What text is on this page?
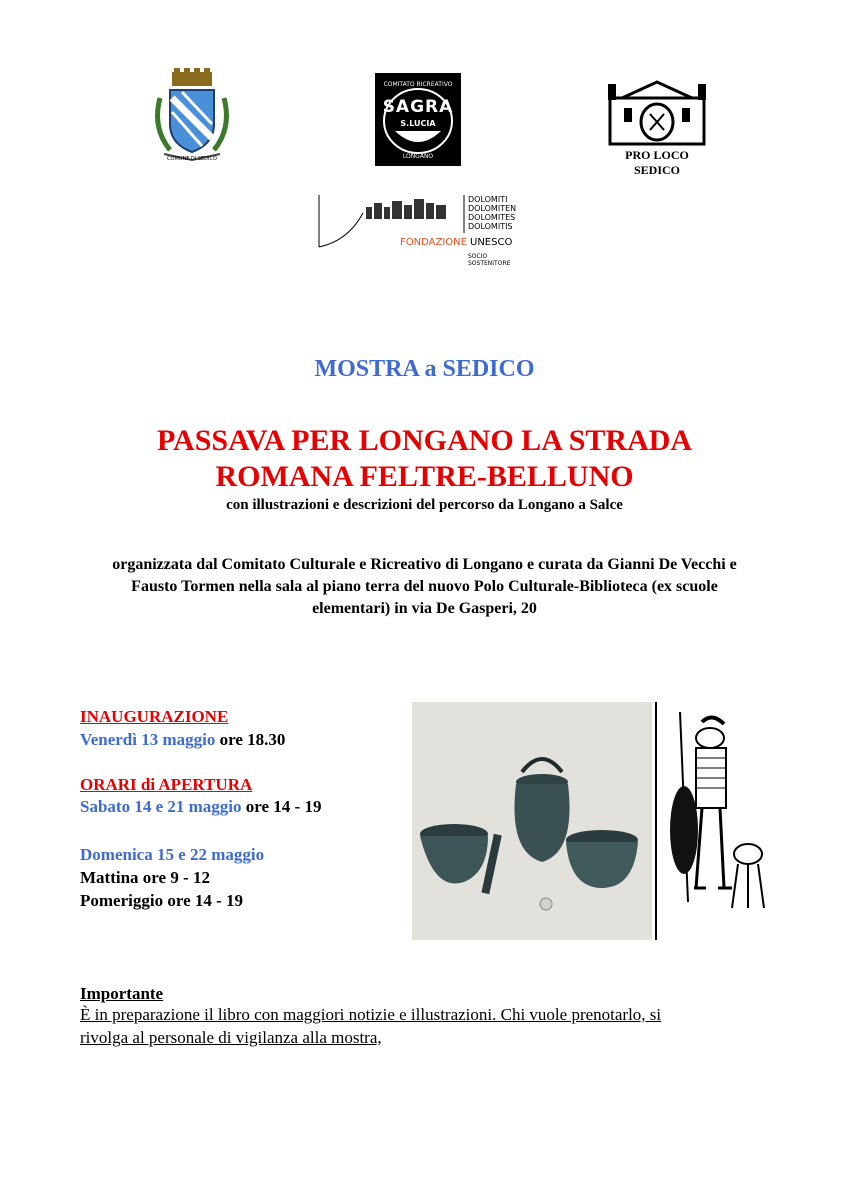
COMUNE DI SEDICO
COMITATO RICREATIVO
SAGRA
S.LUCIA
LONGANO	PRO LOCO SEDICO
DOLOMITI
DOLOMITEN
DOLOMITES
DOLOMITIS
FONDAZIONE UNESCO
SOCIO
SOSTENITORE
MOSTRA a SEDICO
PASSAVA PER LONGANO LA STRADA
ROMANA FELTRE-BELLUNO
con illustrazioni e descrizioni del percorso da Longano a Salce
organizzata dal Comitato Culturale e Ricreativo di Longano e curata da Gianni De Vecchi e
Fausto Tormen nella sala al piano terra del nuovo Polo Culturale-Biblioteca (ex scuole
elementari) in via De Gasperi, 20
INAUGURAZIONE
Venerdì 13 maggio ore 18.30
ORARI di APERTURA
Sabato 14 e 21 maggio ore 14 - 19
Domenica 15 e 22 maggio
Mattina ore 9 - 12
Pomeriggio ore 14 - 19
Importante
È in preparazione il libro con maggiori notizie e illustrazioni. Chi vuole prenotarlo, si
rivolga al personale di vigilanza alla mostra,
